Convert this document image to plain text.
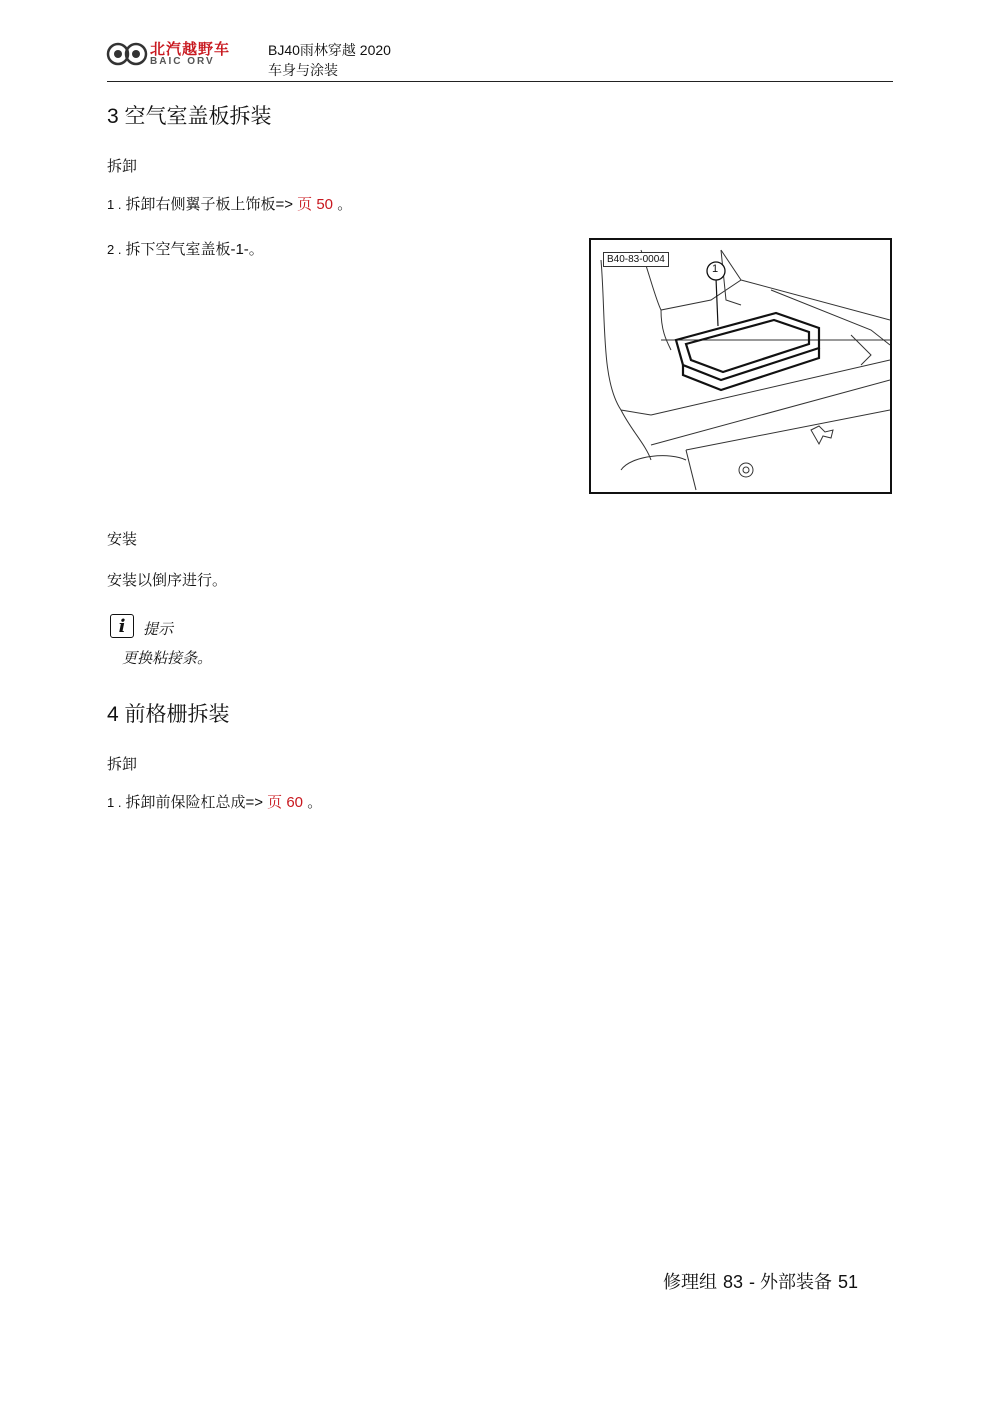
北汽越野车
BAIC ORV
BJ40雨林穿越 2020
车身与涂装
3 空气室盖板拆装
拆卸
1 . 拆卸右侧翼子板上饰板=> 页 50 。
2 . 拆下空气室盖板-1-。
B40-83-0004
1
安装
安装以倒序进行。
i	提示
更换粘接条。
4 前格栅拆装
拆卸
1 . 拆卸前保险杠总成=> 页 60 。
修理组 83 - 外部装备 51
